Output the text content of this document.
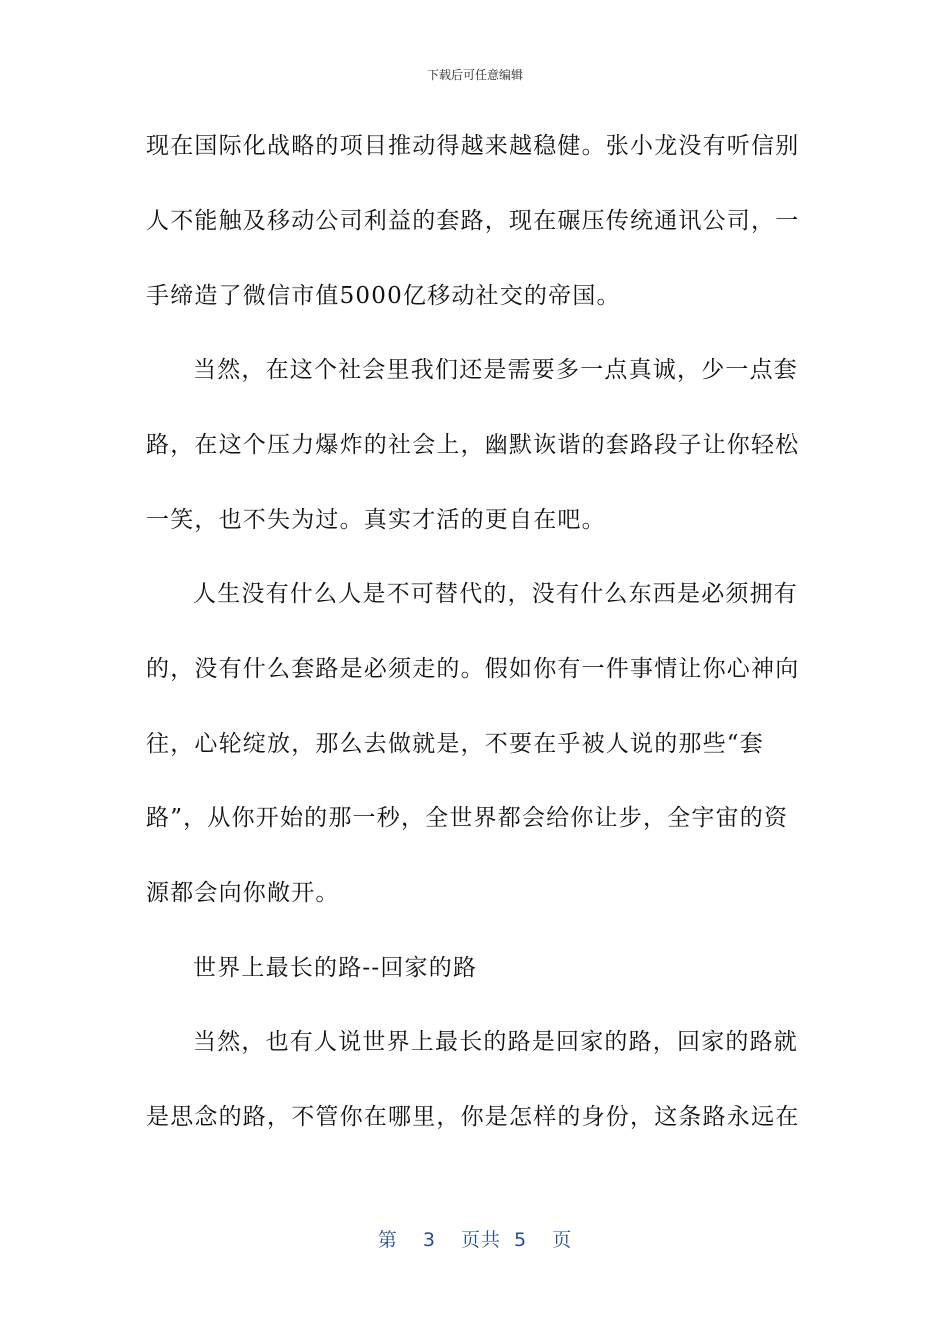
下载后可任意编辑
现在国际化战略的项目推动得越来越稳健。张小龙没有听信别
人不能触及移动公司利益的套路，现在碾压传统通讯公司，一
手缔造了微信市值5000亿移动社交的帝国。
当然，在这个社会里我们还是需要多一点真诚，少一点套
路，在这个压力爆炸的社会上，幽默诙谐的套路段子让你轻松
一笑，也不失为过。真实才活的更自在吧。
人生没有什么人是不可替代的，没有什么东西是必须拥有
的，没有什么套路是必须走的。假如你有一件事情让你心神向
往，心轮绽放，那么去做就是，不要在乎被人说的那些“套
路”，从你开始的那一秒，全世界都会给你让步，全宇宙的资
源都会向你敞开。
世界上最长的路--回家的路
当然，也有人说世界上最长的路是回家的路，回家的路就
是思念的路，不管你在哪里，你是怎样的身份，这条路永远在
第 3 页共 5 页
